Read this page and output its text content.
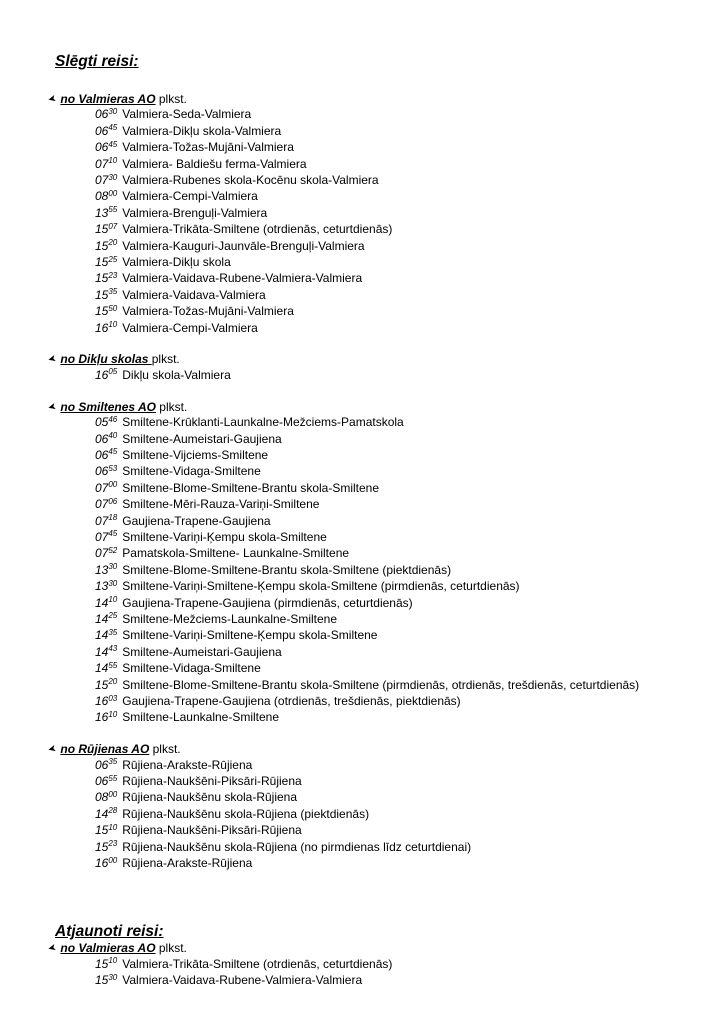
Slēgti reisi:
➤ no Valmieras AO plkst.
$06^{30}$ Valmiera-Seda-Valmiera
$06^{45}$ Valmiera-Dikļu skola-Valmiera
$06^{45}$ Valmiera-Tožas-Mujāni-Valmiera
$07^{10}$ Valmiera- Baldiešu ferma-Valmiera
$07^{30}$ Valmiera-Rubenes skola-Kocēnu skola-Valmiera
$08^{00}$ Valmiera-Cempi-Valmiera
$13^{55}$ Valmiera-Brenguļi-Valmiera
$15^{07}$ Valmiera-Trikāta-Smiltene (otrdienās, ceturtdienās)
$15^{20}$ Valmiera-Kauguri-Jaunvāle-Brenguļi-Valmiera
$15^{25}$ Valmiera-Dikļu skola
$15^{23}$ Valmiera-Vaidava-Rubene-Valmiera-Valmiera
$15^{35}$ Valmiera-Vaidava-Valmiera
$15^{50}$ Valmiera-Tožas-Mujāni-Valmiera
$16^{10}$ Valmiera-Cempi-Valmiera
➤ no Dikļu skolas plkst.
$16^{05}$ Dikļu skola-Valmiera
➤ no Smiltenes AO plkst.
$05^{46}$ Smiltene-Krūklanti-Launkalne-Mežciems-Pamatskola
$06^{40}$ Smiltene-Aumeistari-Gaujiena
$06^{45}$ Smiltene-Vijciems-Smiltene
$06^{53}$ Smiltene-Vidaga-Smiltene
$07^{00}$ Smiltene-Blome-Smiltene-Brantu skola-Smiltene
$07^{06}$ Smiltene-Mēri-Rauza-Variņi-Smiltene
$07^{18}$ Gaujiena-Trapene-Gaujiena
$07^{45}$ Smiltene-Variņi-Ķempu skola-Smiltene
$07^{52}$ Pamatskola-Smiltene- Launkalne-Smiltene
$13^{30}$ Smiltene-Blome-Smiltene-Brantu skola-Smiltene (piektdienās)
$13^{30}$ Smiltene-Variņi-Smiltene-Ķempu skola-Smiltene (pirmdienās, ceturtdienās)
$14^{10}$ Gaujiena-Trapene-Gaujiena (pirmdienās, ceturtdienās)
$14^{25}$ Smiltene-Mežciems-Launkalne-Smiltene
$14^{35}$ Smiltene-Variņi-Smiltene-Ķempu skola-Smiltene
$14^{43}$ Smiltene-Aumeistari-Gaujiena
$14^{55}$ Smiltene-Vidaga-Smiltene
$15^{20}$ Smiltene-Blome-Smiltene-Brantu skola-Smiltene (pirmdienās, otrdienās, trešdienās, ceturtdienās)
$16^{03}$ Gaujiena-Trapene-Gaujiena (otrdienās, trešdienās, piektdienās)
$16^{10}$ Smiltene-Launkalne-Smiltene
➤ no Rūjienas AO plkst.
$06^{35}$ Rūjiena-Arakste-Rūjiena
$06^{55}$ Rūjiena-Naukšēni-Piksāri-Rūjiena
$08^{00}$ Rūjiena-Naukšēnu skola-Rūjiena
$14^{28}$ Rūjiena-Naukšēnu skola-Rūjiena (piektdienās)
$15^{10}$ Rūjiena-Naukšēni-Piksāri-Rūjiena
$15^{23}$ Rūjiena-Naukšēnu skola-Rūjiena (no pirmdienas līdz ceturtdienai)
$16^{00}$ Rūjiena-Arakste-Rūjiena
Atjaunoti reisi:
➤ no Valmieras AO plkst.
$15^{10}$ Valmiera-Trikāta-Smiltene (otrdienās, ceturtdienās)
$15^{30}$ Valmiera-Vaidava-Rubene-Valmiera-Valmiera
